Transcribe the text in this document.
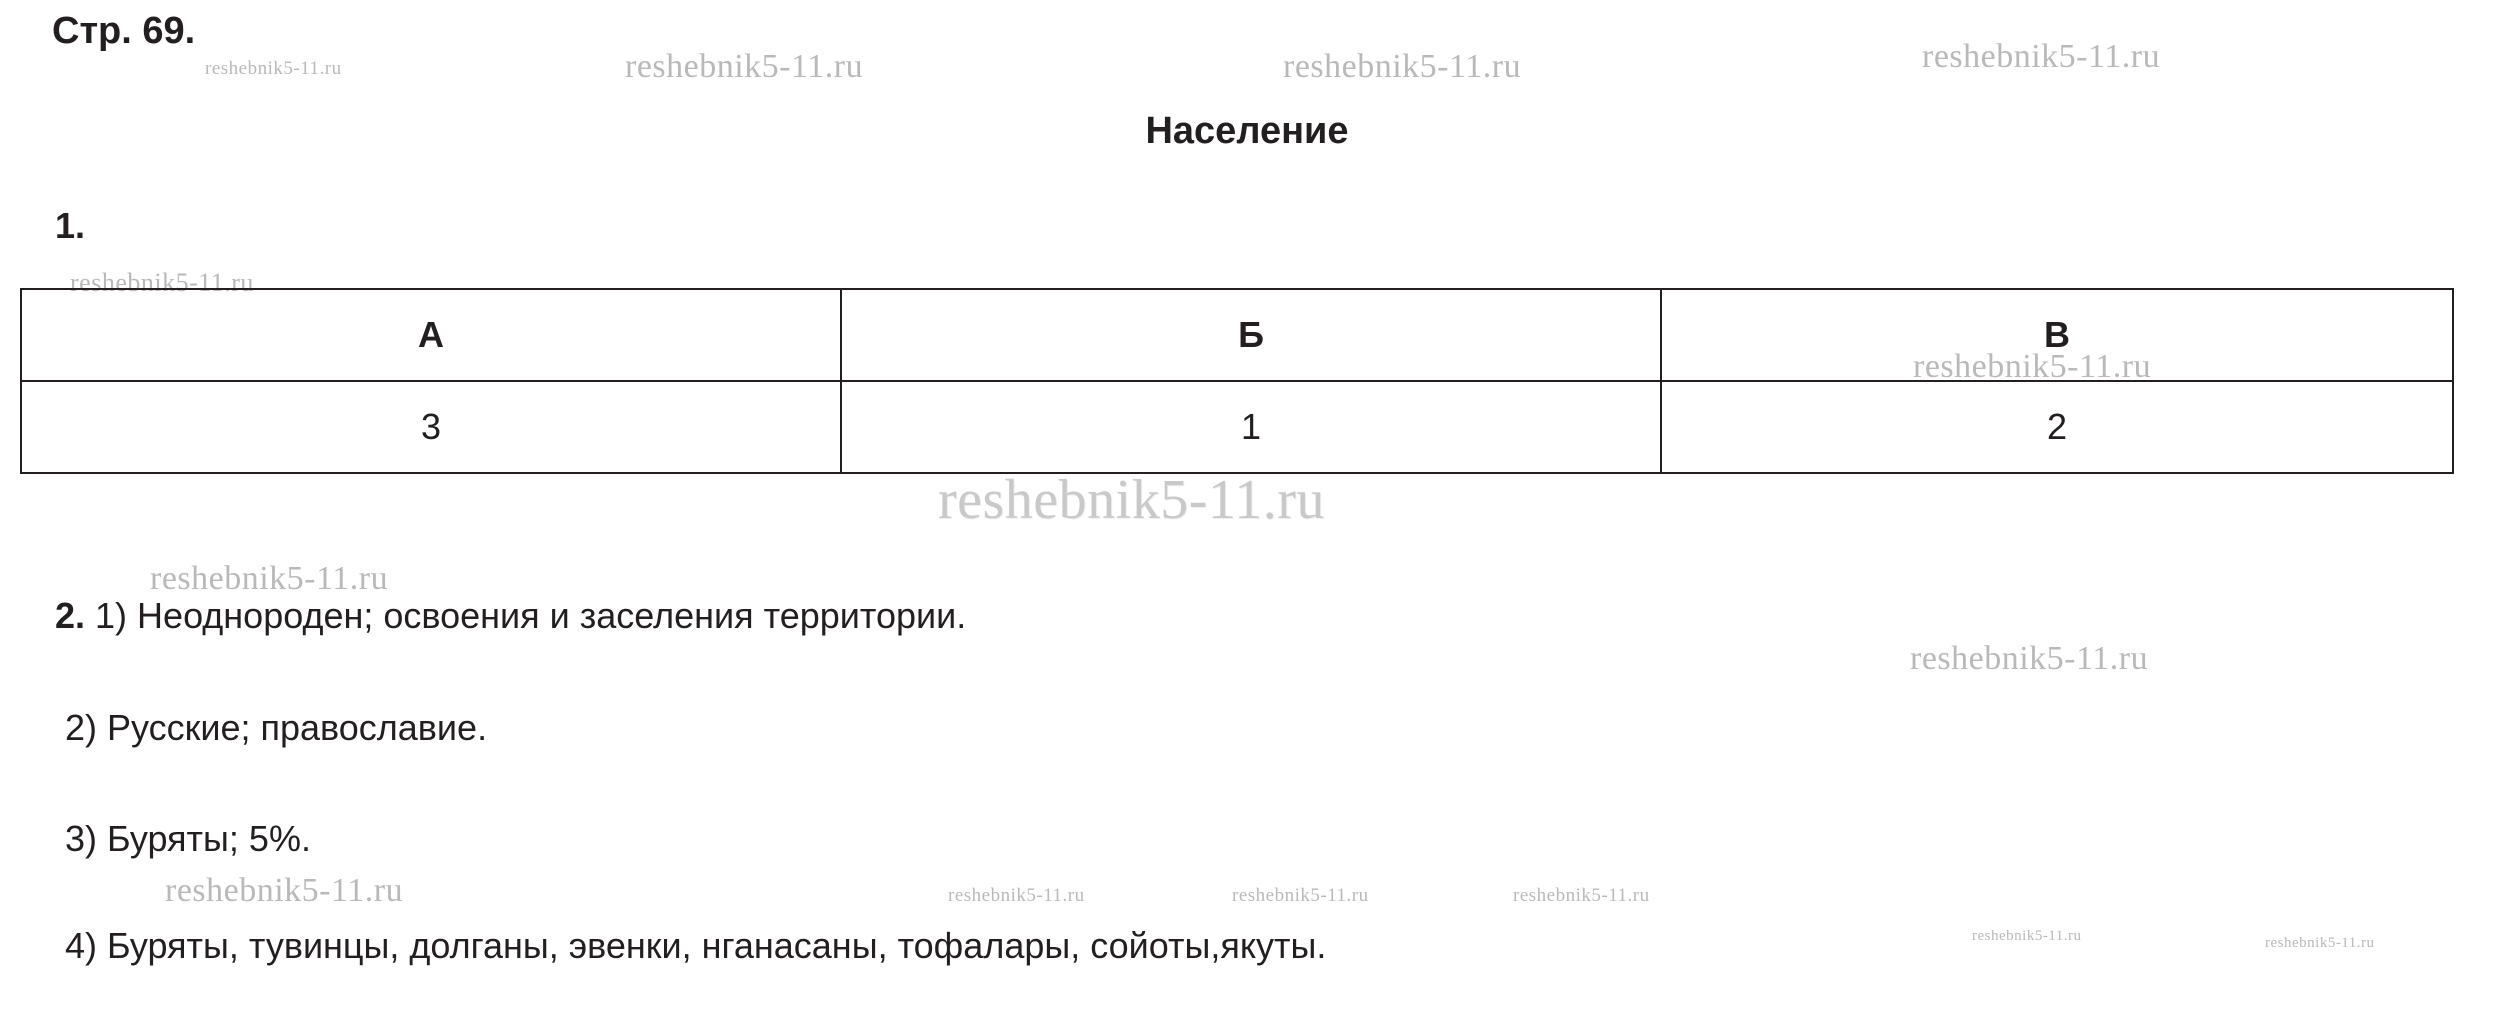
reshebnik5-11.ru	reshebnik5-11.ru	reshebnik5-11.ru	reshebnik5-11.ru
reshebnik5-11.ru
reshebnik5-11.ru
reshebnik5-11.ru
reshebnik5-11.ru
reshebnik5-11.ru
reshebnik5-11.ru	reshebnik5-11.ru	reshebnik5-11.ru	reshebnik5-11.ru
reshebnik5-11.ru	reshebnik5-11.ru
Стр. 69.
Население
1.
А	Б	В
3	1	2
2. 1) Неоднороден; освоения и заселения территории.
2) Русские; православие.
3) Буряты; 5%.
4) Буряты, тувинцы, долганы, эвенки, нганасаны, тофалары, сойоты,якуты.
